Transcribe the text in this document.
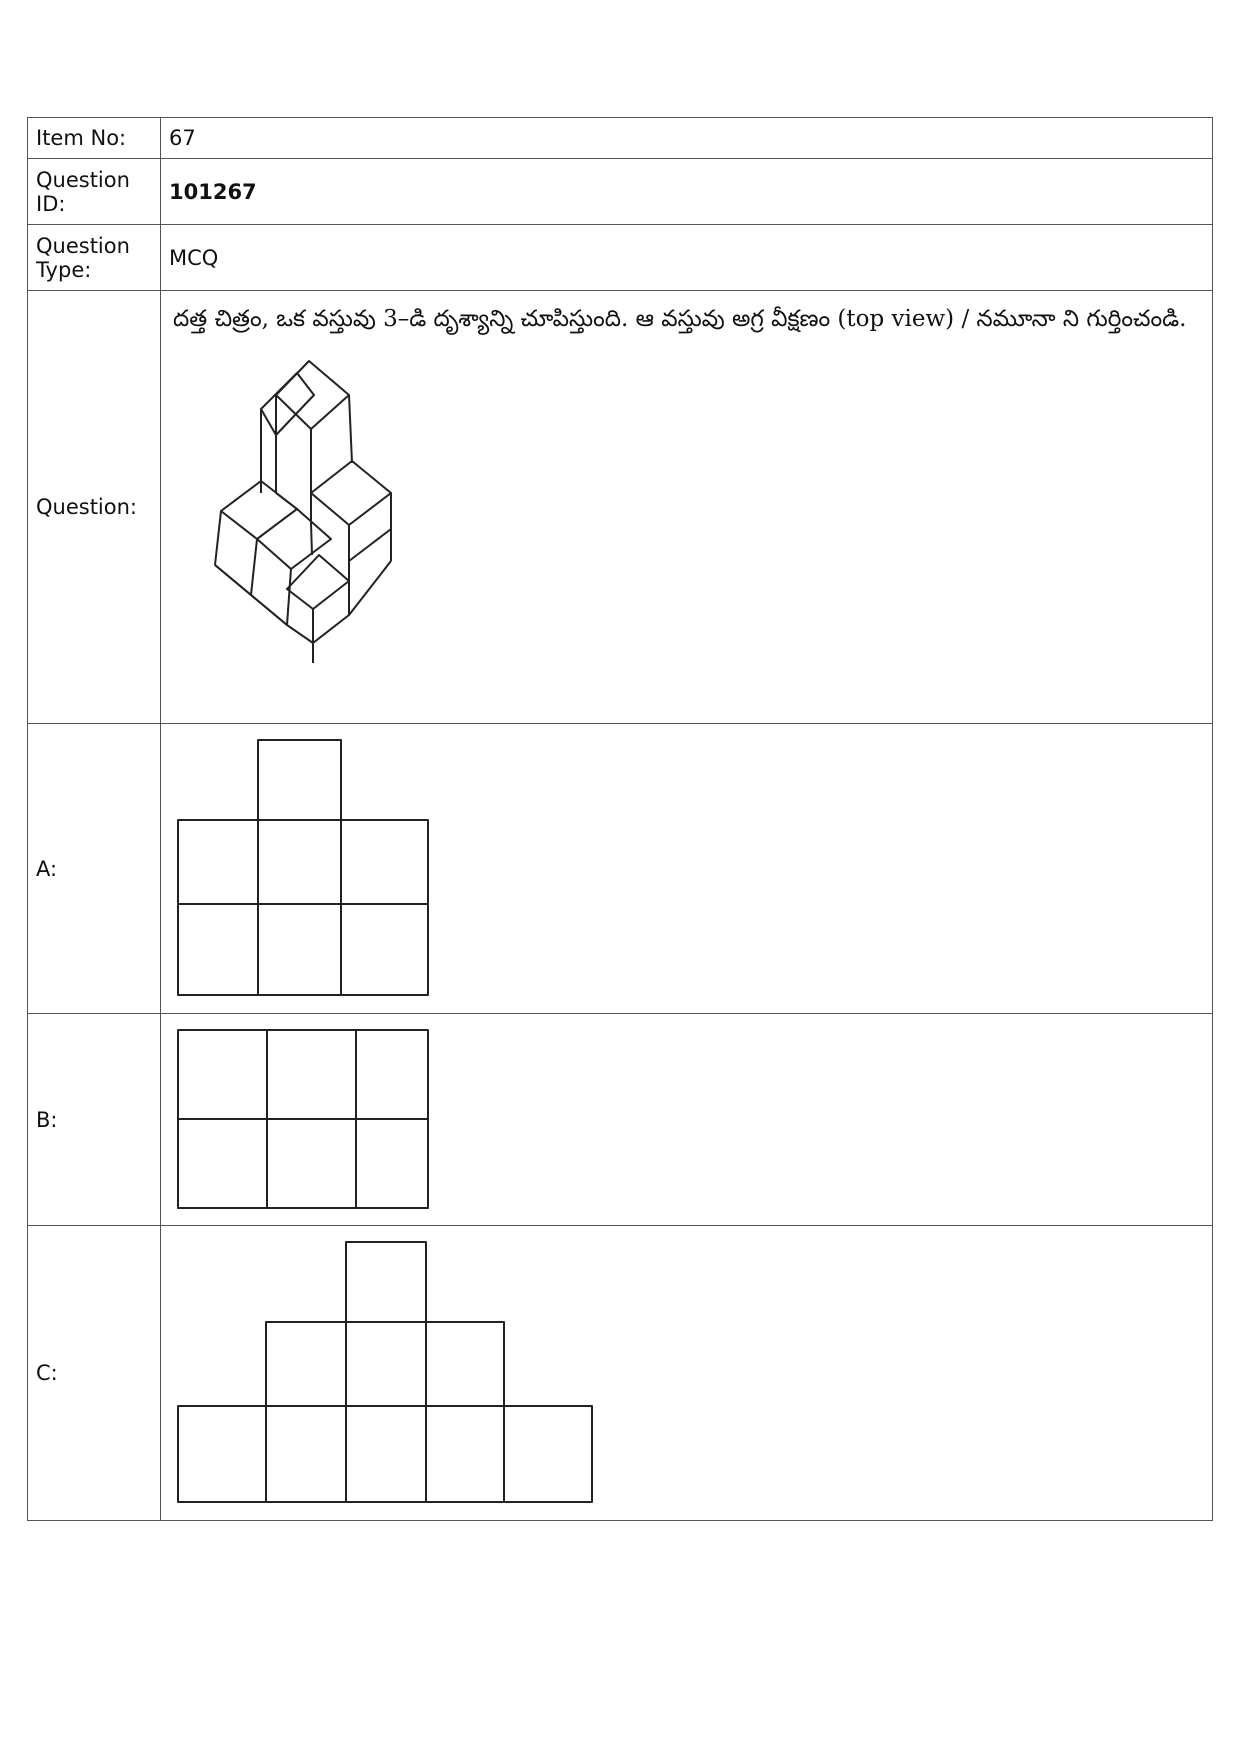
Item No:	67
Question ID:	101267
Question Type:	MCQ
Question:	దత్త చిత్రం, ఒక వస్తువు 3–డి దృశ్యాన్ని చూపిస్తుంది. ఆ వస్తువు అగ్ర వీక్షణం (top view) / నమూనా ని గుర్తించండి.

A:	

B:	

C:	
